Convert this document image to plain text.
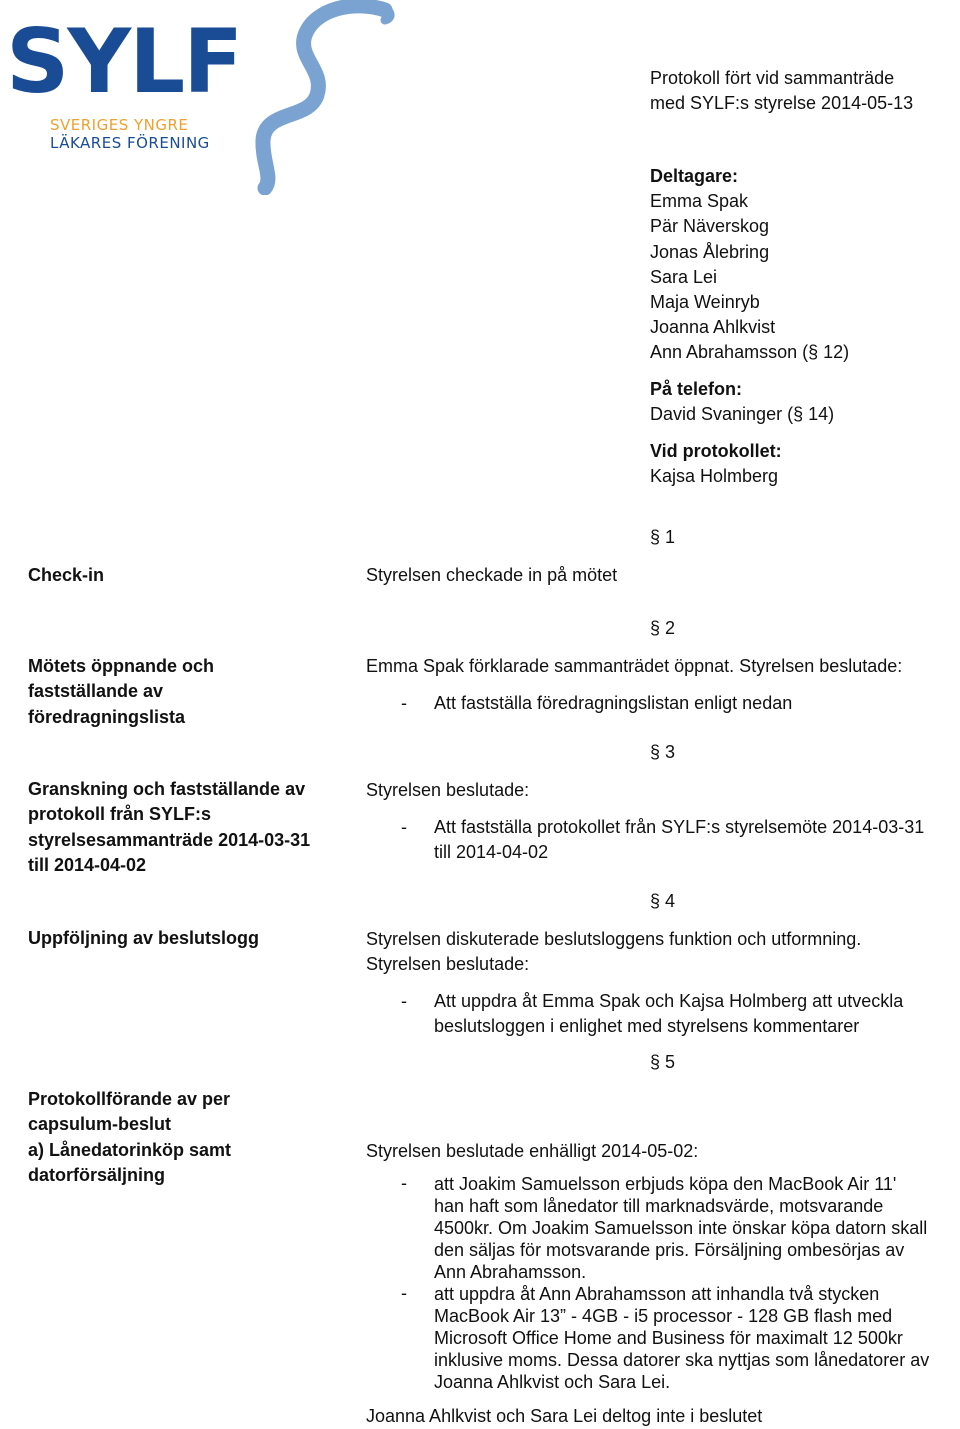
SYLF
SVERIGES YNGRE
LÄKARES FÖRENING
Protokoll fört vid sammanträde
med SYLF:s styrelse 2014-05-13
Deltagare:
Emma Spak
Pär Näverskog
Jonas Ålebring
Sara Lei
Maja Weinryb
Joanna Ahlkvist
Ann Abrahamsson (§ 12)
På telefon:
David Svaninger (§ 14)
Vid protokollet:
Kajsa Holmberg
§ 1
Check-in	Styrelsen checkade in på mötet
§ 2
Mötets öppnande och
fastställande av
föredragningslista
Emma Spak förklarade sammanträdet öppnat. Styrelsen beslutade:
- Att fastställa föredragningslistan enligt nedan
§ 3
Granskning och fastställande av
protokoll från SYLF:s
styrelsesammanträde 2014-03-31
till 2014-04-02
Styrelsen beslutade:
- Att fastställa protokollet från SYLF:s styrelsemöte 2014-03-31
till 2014-04-02
§ 4
Uppföljning av beslutslogg	Styrelsen diskuterade beslutsloggens funktion och utformning.
Styrelsen beslutade:
- Att uppdra åt Emma Spak och Kajsa Holmberg att utveckla
beslutsloggen i enlighet med styrelsens kommentarer
§ 5
Protokollförande av per
capsulum-beslut
a) Lånedatorinköp samt
datorförsäljning
Styrelsen beslutade enhälligt 2014-05-02:
- att Joakim Samuelsson erbjuds köpa den MacBook Air 11'
han haft som lånedator till marknadsvärde, motsvarande
4500kr. Om Joakim Samuelsson inte önskar köpa datorn skall
den säljas för motsvarande pris. Försäljning ombesörjas av
Ann Abrahamsson.
- att uppdra åt Ann Abrahamsson att inhandla två stycken
MacBook Air 13” - 4GB - i5 processor - 128 GB flash med
Microsoft Office Home and Business för maximalt 12 500kr
inklusive moms. Dessa datorer ska nyttjas som lånedatorer av
Joanna Ahlkvist och Sara Lei.
Joanna Ahlkvist och Sara Lei deltog inte i beslutet
